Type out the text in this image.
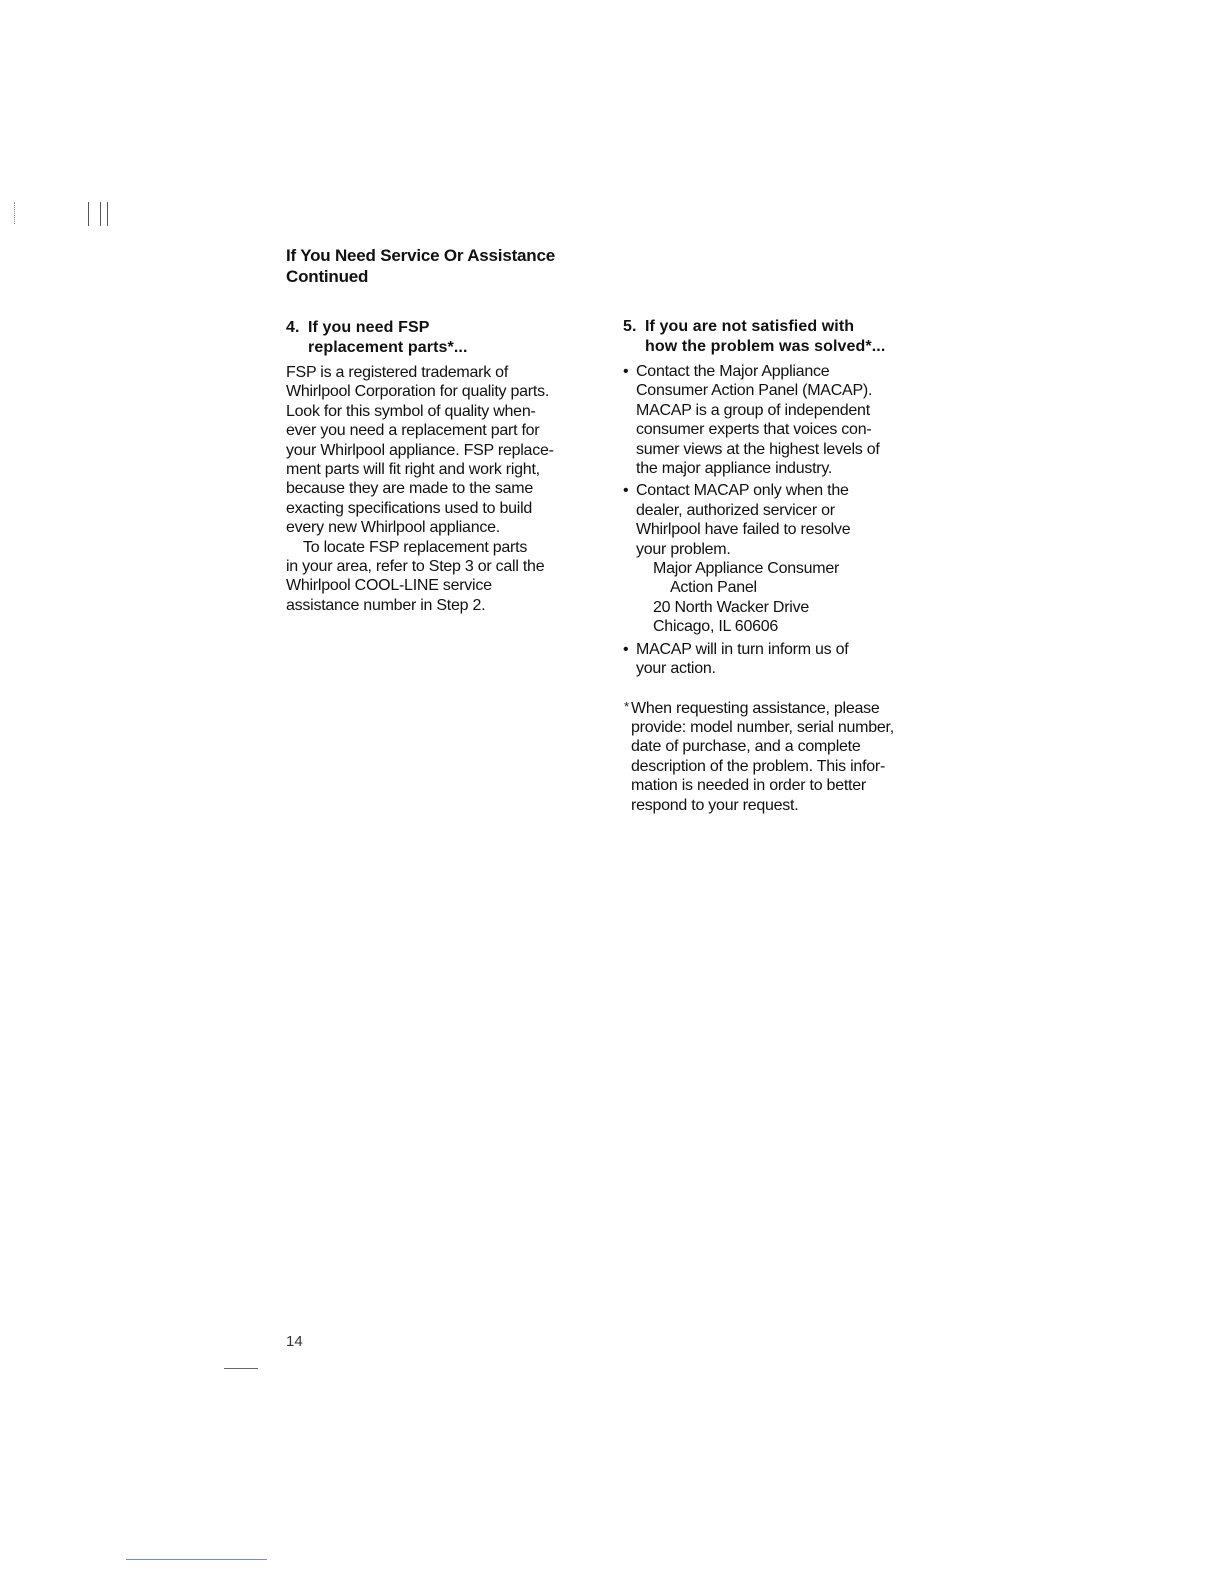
If You Need Service Or Assistance
Continued
4. If you need FSP
replacement parts*...

FSP is a registered trademark of
Whirlpool Corporation for quality parts.
Look for this symbol of quality when-
ever you need a replacement part for
your Whirlpool appliance. FSP replace-
ment parts will fit right and work right,
because they are made to the same
exacting specifications used to build
every new Whirlpool appliance.

To locate FSP replacement parts
in your area, refer to Step 3 or call the
Whirlpool COOL-LINE service
assistance number in Step 2.

5. If you are not satisfied with
how the problem was solved*...
• Contact the Major Appliance
Consumer Action Panel (MACAP).
MACAP is a group of independent
consumer experts that voices con-
sumer views at the highest levels of
the major appliance industry.
• Contact MACAP only when the
dealer, authorized servicer or
Whirlpool have failed to resolve
your problem.
Major Appliance Consumer
Action Panel
20 North Wacker Drive
Chicago, IL 60606
• MACAP will in turn inform us of
your action.
* When requesting assistance, please
provide: model number, serial number,
date of purchase, and a complete
description of the problem. This infor-
mation is needed in order to better
respond to your request.
14
